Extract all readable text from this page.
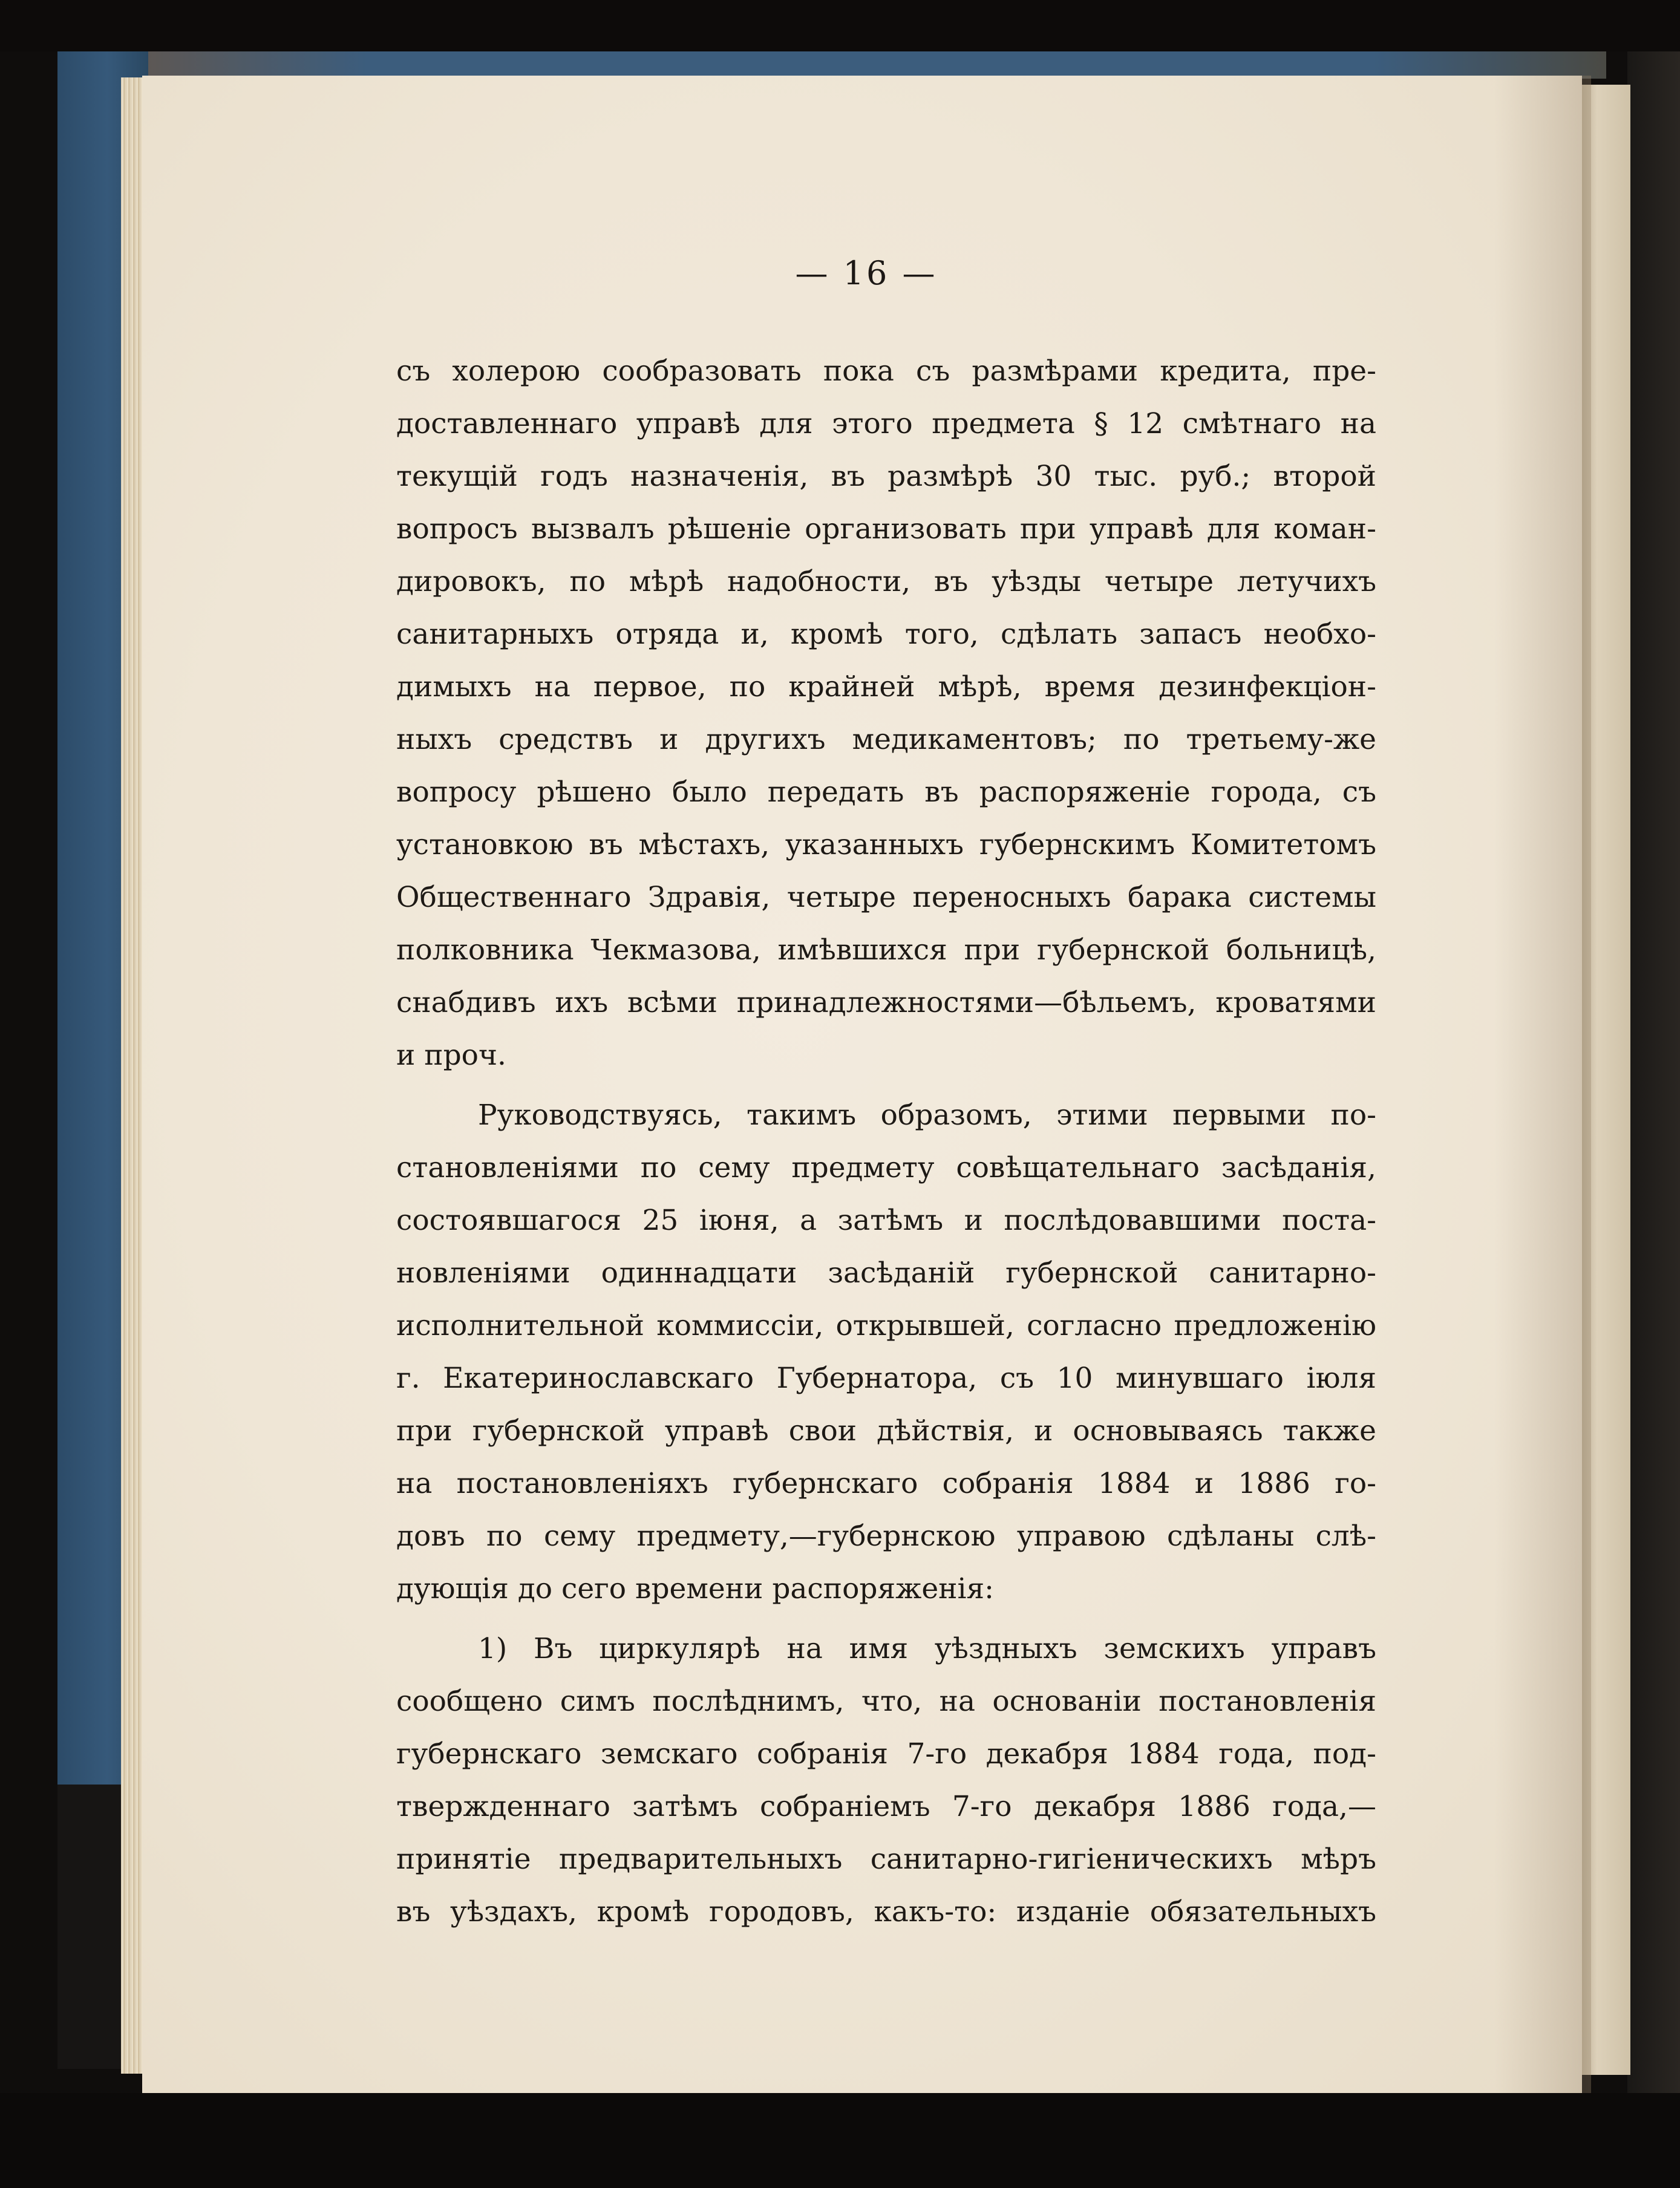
— 16 —
съ холерою сообразовать пока съ размѣрами кредита, пре-
доставленнаго управѣ для этого предмета § 12 смѣтнаго на
текущій годъ назначенія, въ размѣрѣ 30 тыс. руб.; второй
вопросъ вызвалъ рѣшеніе организовать при управѣ для коман-
дировокъ, по мѣрѣ надобности, въ уѣзды четыре летучихъ
санитарныхъ отряда и, кромѣ того, сдѣлать запасъ необхо-
димыхъ на первое, по крайней мѣрѣ, время дезинфекціон-
ныхъ средствъ и другихъ медикаментовъ; по третьему-же
вопросу рѣшено было передать въ распоряженіе города, съ
установкою въ мѣстахъ, указанныхъ губернскимъ Комитетомъ
Общественнаго Здравія, четыре переносныхъ барака системы
полковника Чекмазова, имѣвшихся при губернской больницѣ,
снабдивъ ихъ всѣми принадлежностями—бѣльемъ, кроватями
и проч.
Руководствуясь, такимъ образомъ, этими первыми по-
становленіями по сему предмету совѣщательнаго засѣданія,
состоявшагося 25 іюня, а затѣмъ и послѣдовавшими поста-
новленіями одиннадцати засѣданій губернской санитарно-
исполнительной коммиссіи, открывшей, согласно предложенію
г. Екатеринославскаго Губернатора, съ 10 минувшаго іюля
при губернской управѣ свои дѣйствія, и основываясь также
на постановленіяхъ губернскаго собранія 1884 и 1886 го-
довъ по сему предмету,—губернскою управою сдѣланы слѣ-
дующія до сего времени распоряженія:
1) Въ циркулярѣ на имя уѣздныхъ земскихъ управъ
сообщено симъ послѣднимъ, что, на основаніи постановленія
губернскаго земскаго собранія 7-го декабря 1884 года, под-
твержденнаго затѣмъ собраніемъ 7-го декабря 1886 года,—
принятіе предварительныхъ санитарно-гигіеническихъ мѣръ
въ уѣздахъ, кромѣ городовъ, какъ-то: изданіе обязательныхъ
